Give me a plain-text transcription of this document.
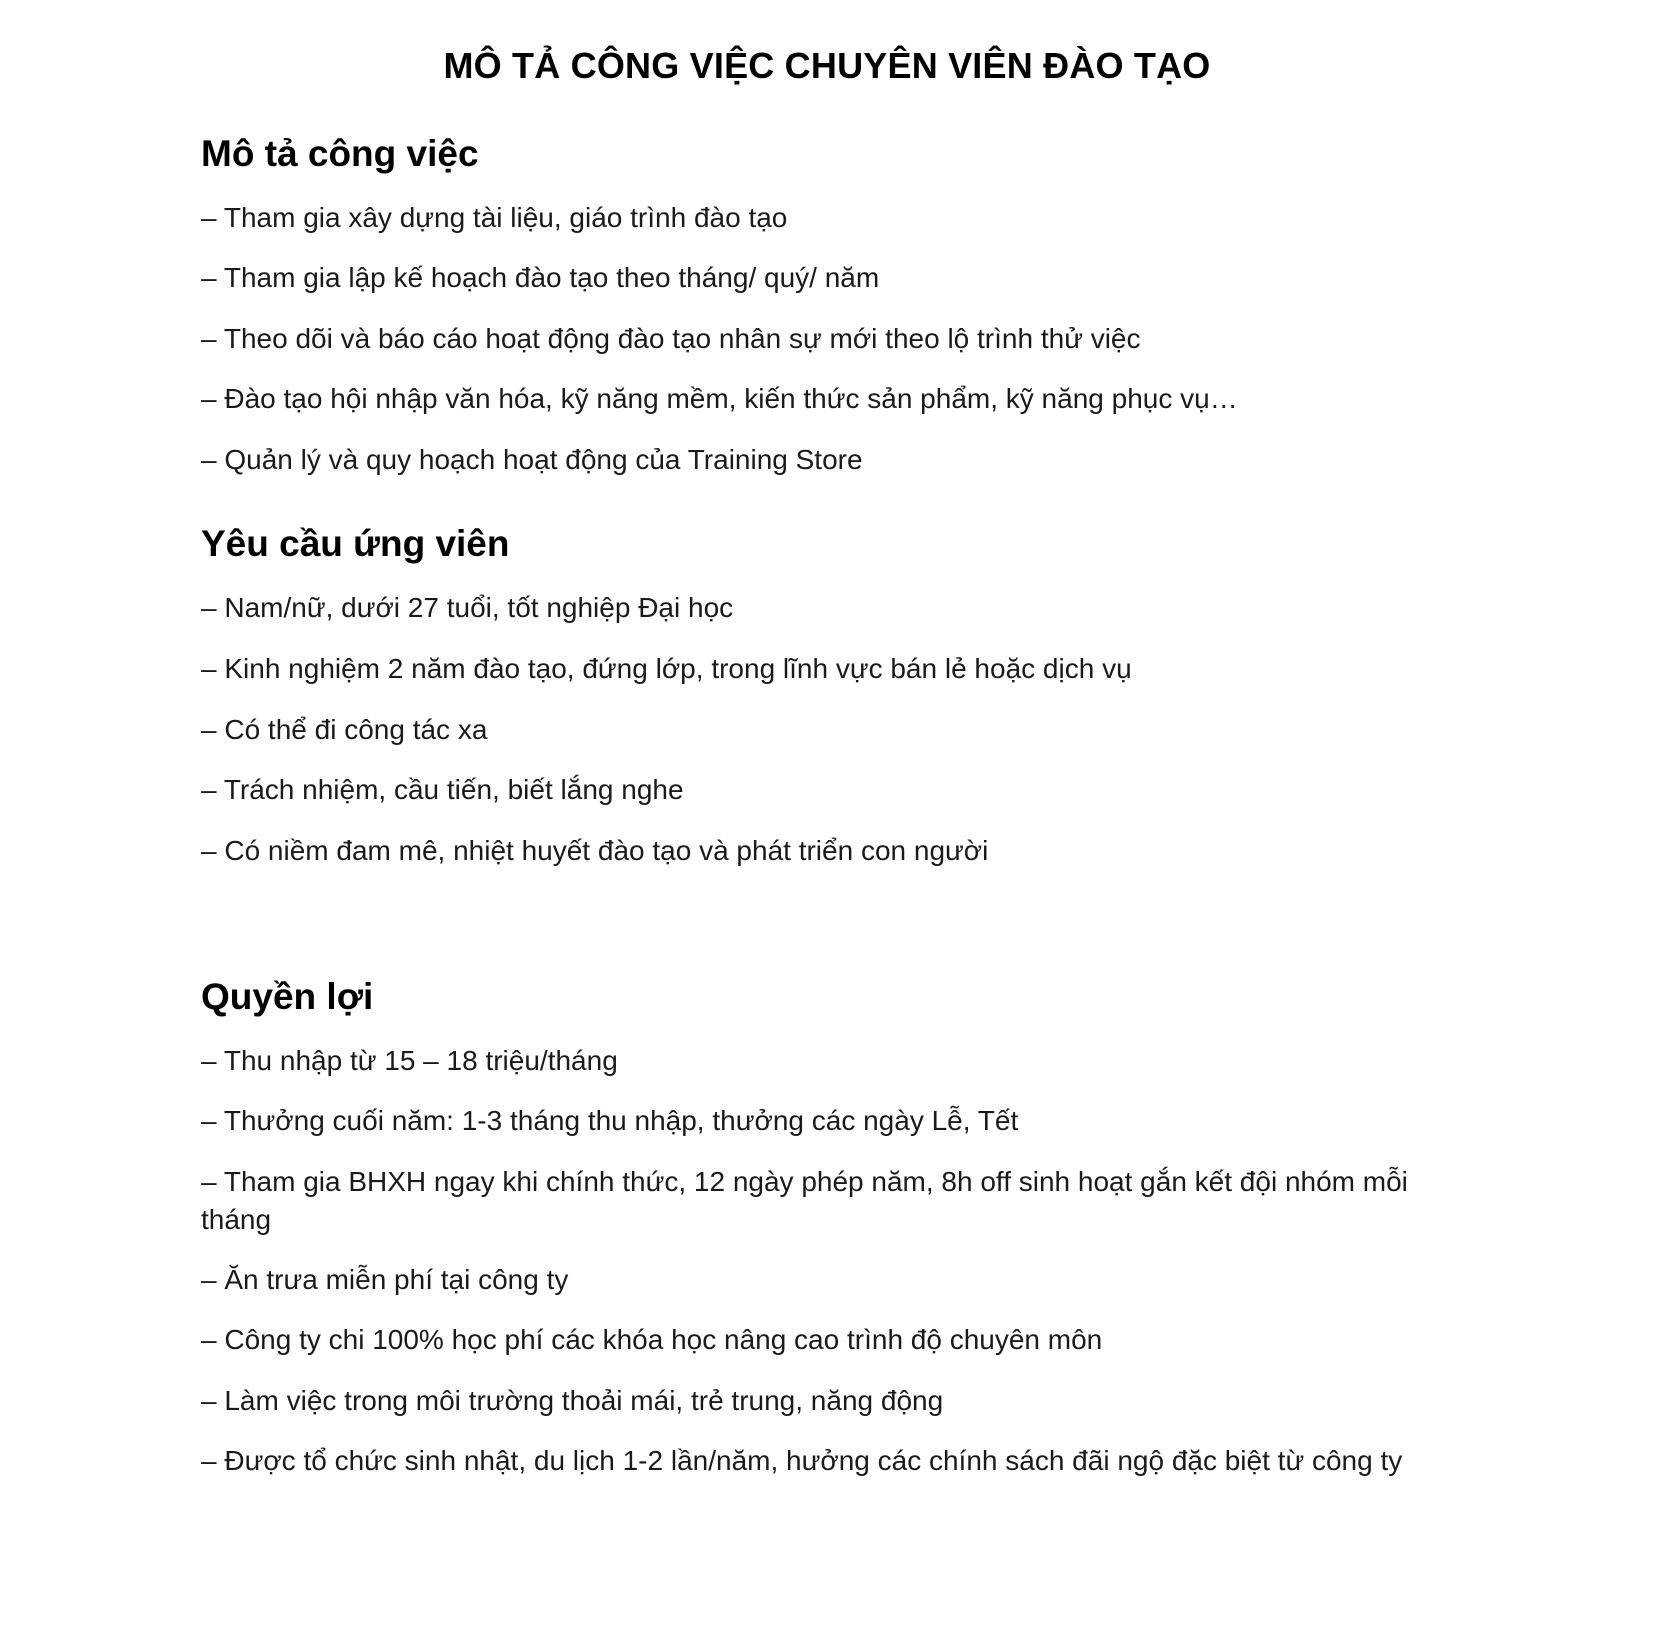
MÔ TẢ CÔNG VIỆC CHUYÊN VIÊN ĐÀO TẠO
Mô tả công việc

– Tham gia xây dựng tài liệu, giáo trình đào tạo

– Tham gia lập kế hoạch đào tạo theo tháng/ quý/ năm

– Theo dõi và báo cáo hoạt động đào tạo nhân sự mới theo lộ trình thử việc

– Đào tạo hội nhập văn hóa, kỹ năng mềm, kiến thức sản phẩm, kỹ năng phục vụ…

– Quản lý và quy hoạch hoạt động của Training Store

Yêu cầu ứng viên

– Nam/nữ, dưới 27 tuổi, tốt nghiệp Đại học

– Kinh nghiệm 2 năm đào tạo, đứng lớp, trong lĩnh vực bán lẻ hoặc dịch vụ

– Có thể đi công tác xa

– Trách nhiệm, cầu tiến, biết lắng nghe

– Có niềm đam mê, nhiệt huyết đào tạo và phát triển con người

Quyền lợi

– Thu nhập từ 15 – 18 triệu/tháng

– Thưởng cuối năm: 1-3 tháng thu nhập, thưởng các ngày Lễ, Tết

– Tham gia BHXH ngay khi chính thức, 12 ngày phép năm, 8h off sinh hoạt gắn kết đội nhóm mỗi tháng

– Ăn trưa miễn phí tại công ty

– Công ty chi 100% học phí các khóa học nâng cao trình độ chuyên môn

– Làm việc trong môi trường thoải mái, trẻ trung, năng động

– Được tổ chức sinh nhật, du lịch 1-2 lần/năm, hưởng các chính sách đãi ngộ đặc biệt từ công ty
